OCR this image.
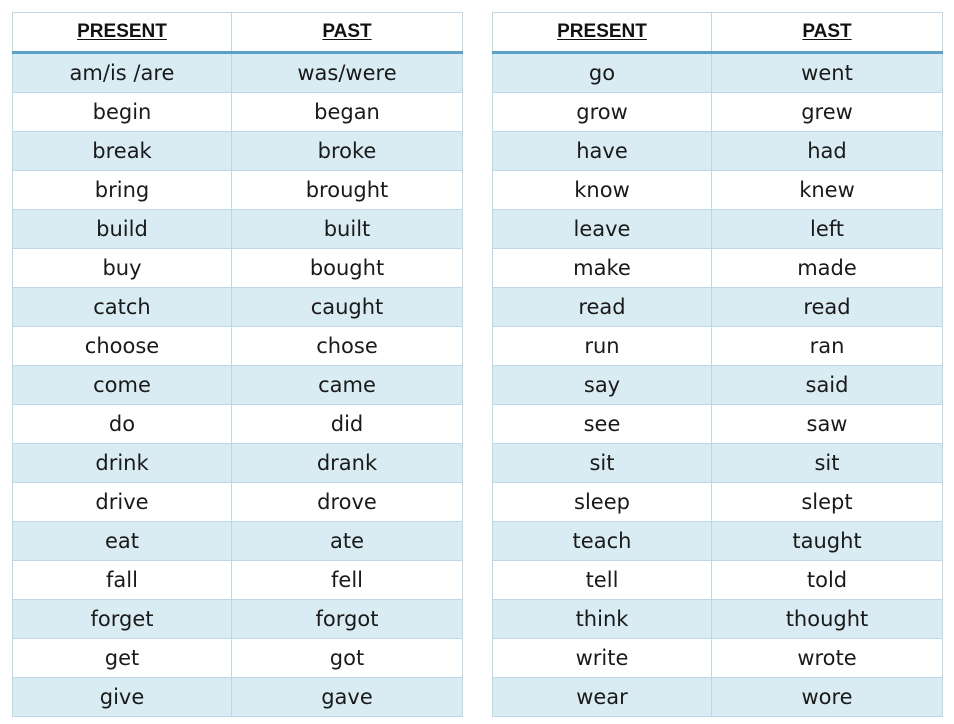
PRESENT	PAST
am/is /are	was/were
begin	began
break	broke
bring	brought
build	built
buy	bought
catch	caught
choose	chose
come	came
do	did
drink	drank
drive	drove
eat	ate
fall	fell
forget	forgot
get	got
give	gave
PRESENT	PAST
go	went
grow	grew
have	had
know	knew
leave	left
make	made
read	read
run	ran
say	said
see	saw
sit	sit
sleep	slept
teach	taught
tell	told
think	thought
write	wrote
wear	wore
